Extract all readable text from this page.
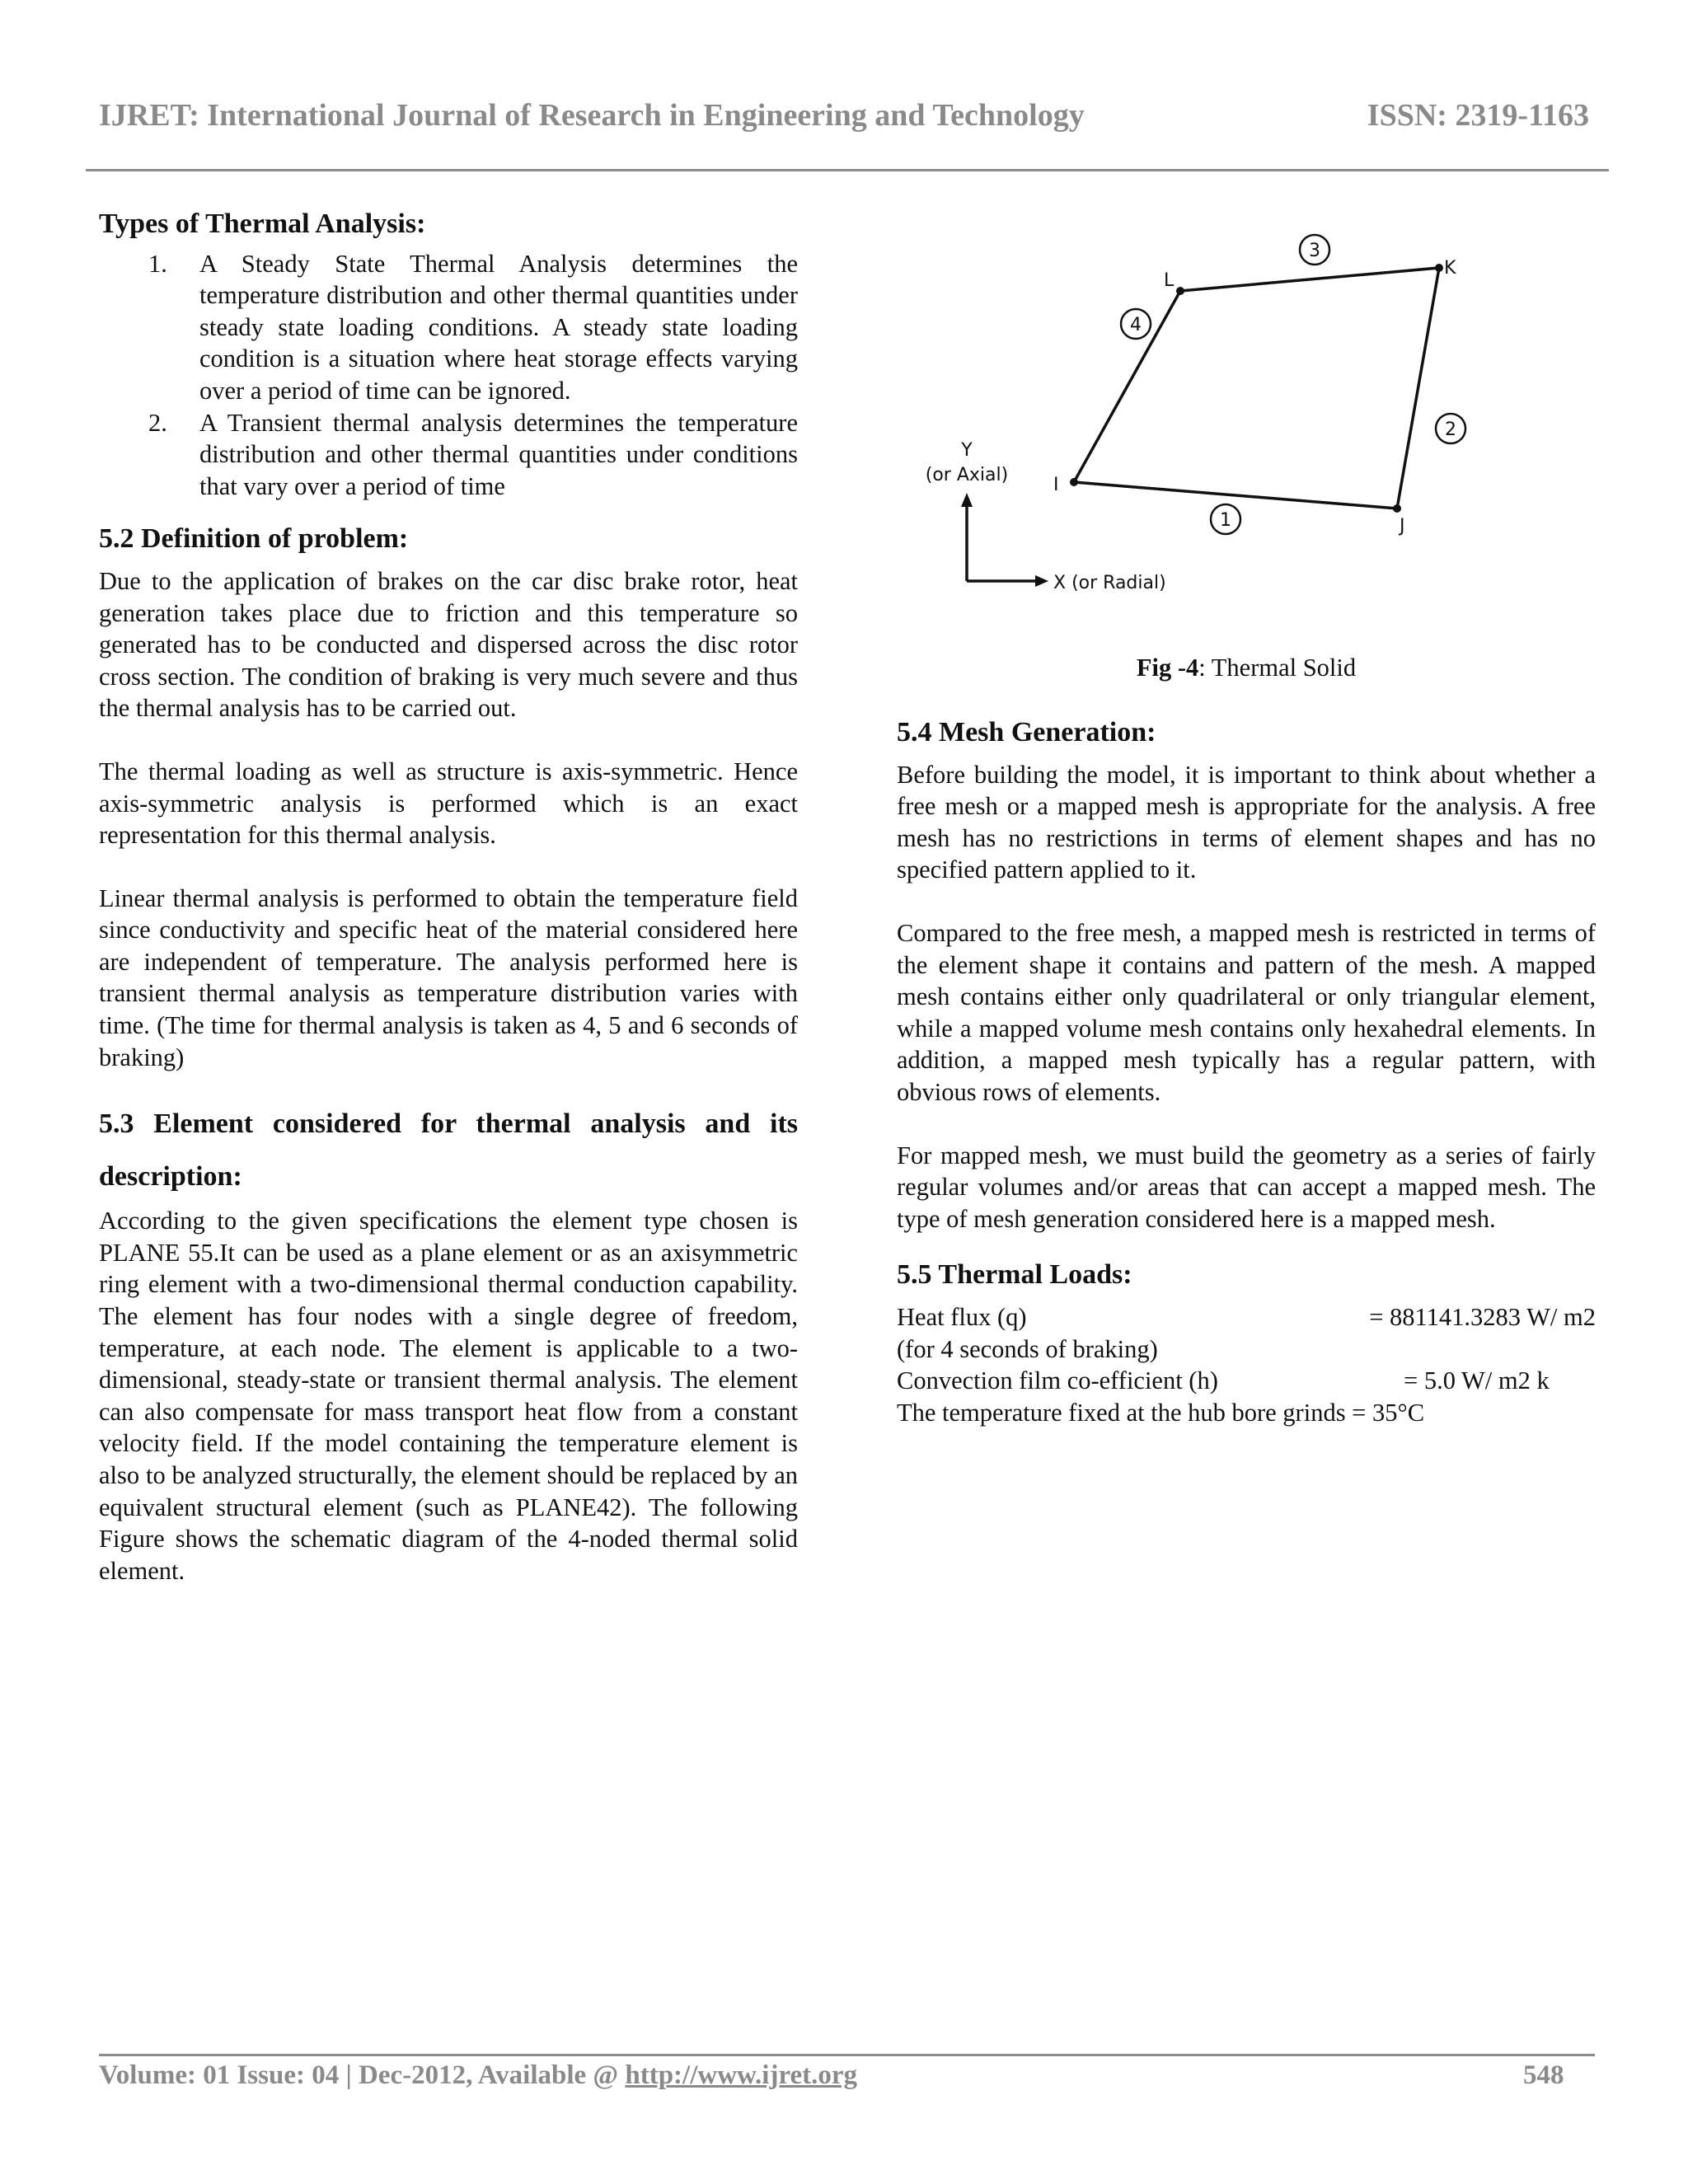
IJRET: International Journal of Research in Engineering and Technology	ISSN: 2319-1163
Types of Thermal Analysis:
1. A Steady State Thermal Analysis determines the temperature distribution and other thermal quantities under steady state loading conditions. A steady state loading condition is a situation where heat storage effects varying over a period of time can be ignored.
2. A Transient thermal analysis determines the temperature distribution and other thermal quantities under conditions that vary over a period of time
5.2 Definition of problem:
Due to the application of brakes on the car disc brake rotor, heat generation takes place due to friction and this temperature so generated has to be conducted and dispersed across the disc rotor cross section. The condition of braking is very much severe and thus the thermal analysis has to be carried out.
The thermal loading as well as structure is axis-symmetric. Hence axis-symmetric analysis is performed which is an exact representation for this thermal analysis.
Linear thermal analysis is performed to obtain the temperature field since conductivity and specific heat of the material considered here are independent of temperature. The analysis performed here is transient thermal analysis as temperature distribution varies with time. (The time for thermal analysis is taken as 4, 5 and 6 seconds of braking)
5.3 Element considered for thermal analysis and its description:
According to the given specifications the element type chosen is PLANE 55.It can be used as a plane element or as an axisymmetric ring element with a two-dimensional thermal conduction capability. The element has four nodes with a single degree of freedom, temperature, at each node. The element is applicable to a two-dimensional, steady-state or transient thermal analysis. The element can also compensate for mass transport heat flow from a constant velocity field. If the model containing the temperature element is also to be analyzed structurally, the element should be replaced by an equivalent structural element (such as PLANE42). The following Figure shows the schematic diagram of the 4-noded thermal solid element.
I
J
K
L
1
2
3
4
Y
(or Axial)
X (or Radial)
Fig -4: Thermal Solid
5.4 Mesh Generation:
Before building the model, it is important to think about whether a free mesh or a mapped mesh is appropriate for the analysis. A free mesh has no restrictions in terms of element shapes and has no specified pattern applied to it.
Compared to the free mesh, a mapped mesh is restricted in terms of the element shape it contains and pattern of the mesh. A mapped mesh contains either only quadrilateral or only triangular element, while a mapped volume mesh contains only hexahedral elements. In addition, a mapped mesh typically has a regular pattern, with obvious rows of elements.
For mapped mesh, we must build the geometry as a series of fairly regular volumes and/or areas that can accept a mapped mesh. The type of mesh generation considered here is a mapped mesh.
5.5 Thermal Loads:
Heat flux (q)	= 881141.3283 W/ m2
(for 4 seconds of braking)
Convection film co-efficient (h)	= 5.0 W/ m2 k
The temperature fixed at the hub bore grinds = 35°C
Volume: 01 Issue: 04 | Dec-2012, Available @ http://www.ijret.org	548
